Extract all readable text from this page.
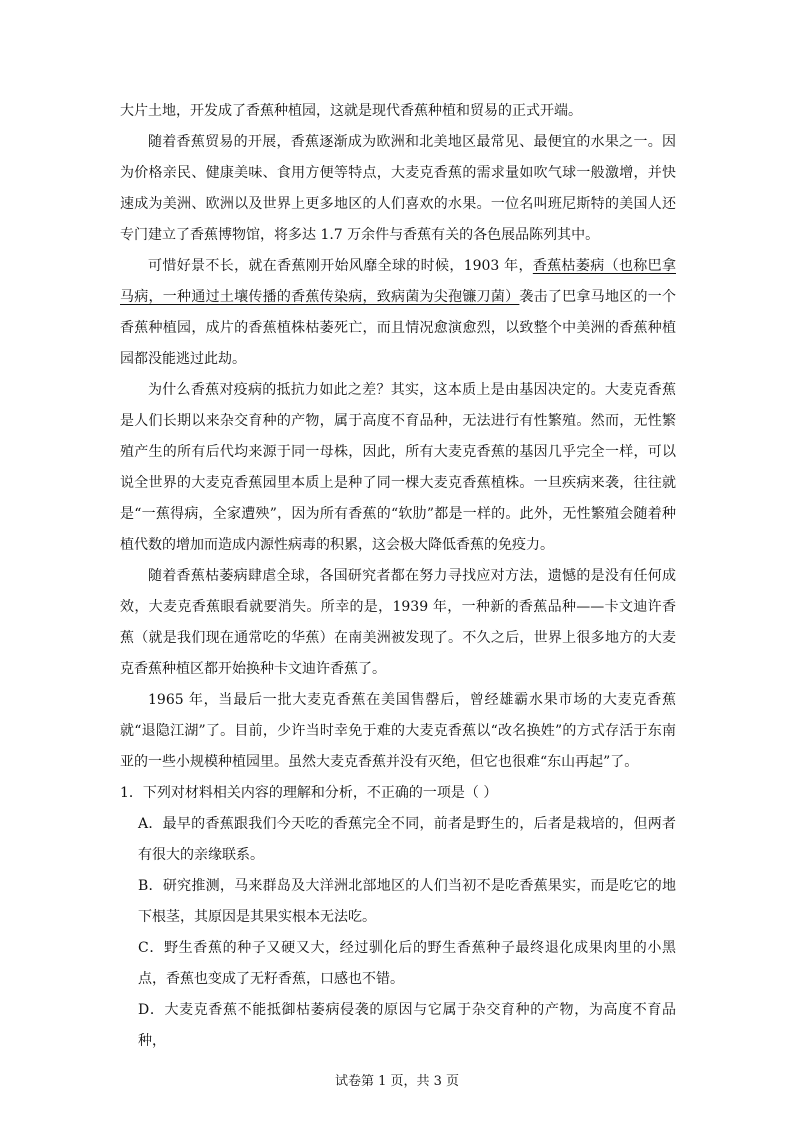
大片土地，开发成了香蕉种植园，这就是现代香蕉种植和贸易的正式开端。

随着香蕉贸易的开展，香蕉逐渐成为欧洲和北美地区最常见、最便宜的水果之一。因为价格亲民、健康美味、食用方便等特点，大麦克香蕉的需求量如吹气球一般激增，并快速成为美洲、欧洲以及世界上更多地区的人们喜欢的水果。一位名叫班尼斯特的美国人还专门建立了香蕉博物馆，将多达 1.7 万余件与香蕉有关的各色展品陈列其中。

可惜好景不长，就在香蕉刚开始风靡全球的时候，1903 年，香蕉枯萎病（也称巴拿马病，一种通过土壤传播的香蕉传染病，致病菌为尖孢镰刀菌）袭击了巴拿马地区的一个香蕉种植园，成片的香蕉植株枯萎死亡，而且情况愈演愈烈，以致整个中美洲的香蕉种植园都没能逃过此劫。

为什么香蕉对疫病的抵抗力如此之差？其实，这本质上是由基因决定的。大麦克香蕉是人们长期以来杂交育种的产物，属于高度不育品种，无法进行有性繁殖。然而，无性繁殖产生的所有后代均来源于同一母株，因此，所有大麦克香蕉的基因几乎完全一样，可以说全世界的大麦克香蕉园里本质上是种了同一棵大麦克香蕉植株。一旦疾病来袭，往往就是“一蕉得病，全家遭殃”，因为所有香蕉的“软肋”都是一样的。此外，无性繁殖会随着种植代数的增加而造成内源性病毒的积累，这会极大降低香蕉的免疫力。

随着香蕉枯萎病肆虐全球，各国研究者都在努力寻找应对方法，遗憾的是没有任何成效，大麦克香蕉眼看就要消失。所幸的是，1939 年，一种新的香蕉品种——卡文迪许香蕉（就是我们现在通常吃的华蕉）在南美洲被发现了。不久之后，世界上很多地方的大麦克香蕉种植区都开始换种卡文迪许香蕉了。

1965 年，当最后一批大麦克香蕉在美国售罄后，曾经雄霸水果市场的大麦克香蕉就“退隐江湖”了。目前，少许当时幸免于难的大麦克香蕉以“改名换姓”的方式存活于东南亚的一些小规模种植园里。虽然大麦克香蕉并没有灭绝，但它也很难“东山再起”了。

1．下列对材料相关内容的理解和分析，不正确的一项是（ ）

A．最早的香蕉跟我们今天吃的香蕉完全不同，前者是野生的，后者是栽培的，但两者有很大的亲缘联系。

B．研究推测，马来群岛及大洋洲北部地区的人们当初不是吃香蕉果实，而是吃它的地下根茎，其原因是其果实根本无法吃。

C．野生香蕉的种子又硬又大，经过驯化后的野生香蕉种子最终退化成果肉里的小黑点，香蕉也变成了无籽香蕉，口感也不错。

D．大麦克香蕉不能抵御枯萎病侵袭的原因与它属于杂交育种的产物，为高度不育品种，

试卷第 1 页，共 3 页
